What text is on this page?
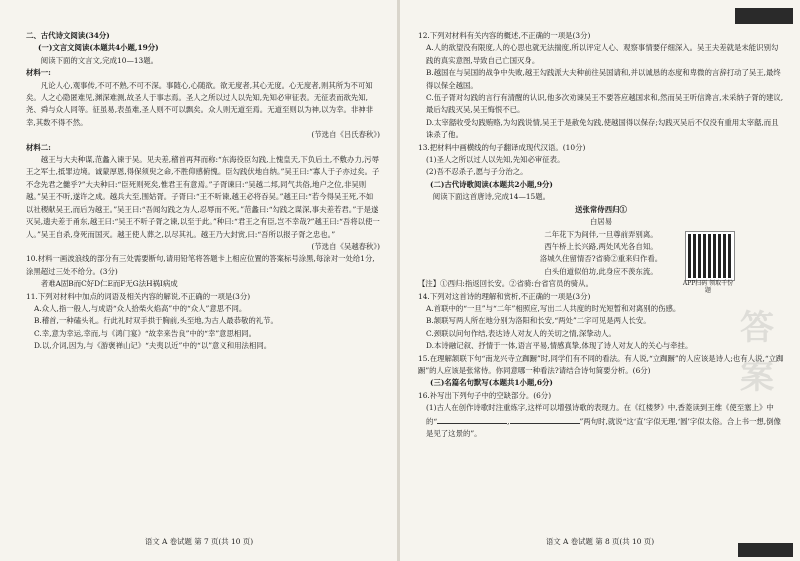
二、古代诗文阅读(34分)

(一)文言文阅读(本题共4小题,19分)

阅读下面的文言文,完成10—13题。

材料一:

凡论人心,观事传,不可不熟,不可不深。事随心,心随欲。欲无度者,其心无度。心无度者,则其所为不可知矣。人之心隐匿难见,渊深难测,故圣人于事志焉。圣人之所以过人以先知,先知必审征表。无征表而欲先知,尧、舜与众人同等。征虽易,表虽难,圣人则不可以飘矣。众人则无道至焉。无道至则以为神,以为幸。非神非幸,其数不得不然。

(节选自《吕氏春秋》)

材料二:

越王与大夫种谋,范蠡入谏于吴。见夫差,稽首再拜而称:“东海役臣勾践,上愧皇天,下负后土,不敷办力,污辱王之军士,抵罪边境。诚蒙厚恩,得保须臾之命,不胜仰感俯愧。臣勾践伏地自纳。”吴王曰:“寡人于子亦过矣。子不念先君之雠乎?”大夫种曰:“臣死则死矣,惟君王有意焉。”子胥谏曰:“吴越二邦,同气共俗,地户之位,非吴则越。”吴王不听,遂许之成。越兵大至,围姑胥。子胥曰:“王不听谏,越王必将吞吴。”越王曰:“若今得吴王死,不如以社稷献吴王,而后为越王。”吴王曰:“吾闻勾践之为人,忍辱而不死。”范蠡曰:“勾践之谋深,事夫差若君。”于是遂灭吴,遗夫差于甬东,越王曰:“吴王不听子胥之谏,以至于此。”种曰:“君王之有臣,岂不幸哉?”越王曰:“吾将以使一人。”吴王自杀,身死而国灭。越王使人葬之,以尽其礼。越王乃大封赏,曰:“吾所以报子胥之忠也。”

(节选自《吴越春秋》)

10.材料一画波浪线的部分有三处需要断句,请用铅笔将答题卡上相应位置的答案标号涂黑,每涂对一处给1分,涂黑超过三处不给分。(3分)

者难A固B而C好D仁E而F无G法H祸I病成

11.下列对材料中加点的词语及相关内容的解说,不正确的一项是(3分)

A.众人,指一般人,与成语“众人拾柴火焰高”中的“众人”意思不同。

B.稽首,一种磕头礼。行此礼时双手拱于胸前,头至地,为古人最恭敬的礼节。

C.幸,意为幸运,幸而,与《鸿门宴》“故幸来告良”中的“幸”意思相同。

D.以,介词,因为,与《游褒禅山记》“夫夷以近”中的“以”意义和用法相同。

语文 A 卷试题 第 7 页(共 10 页)

12.下列对材料有关内容的概述,不正确的一项是(3分)

A.人的欲望没有限度,人的心思也就无法揣度,所以评定人心、观察事情要仔细深入。吴王夫差就是未能识别勾践的真实意图,导致自己亡国灭身。

B.越国在与吴国的战争中失败,越王勾践派大夫种前往吴国请和,并以诚恳的态度和卑微的言辞打动了吴王,最终得以保全越国。

C.伍子胥对勾践的言行有清醒的认识,他多次劝谏吴王不要答应越国求和,然而吴王听信谗言,未采纳子胥的建议,最后勾践灭吴,吴王悔恨不已。

D.太宰嚭收受勾践贿赂,为勾践说情,吴王于是赦免勾践,使越国得以保存;勾践灭吴后不仅没有重用太宰嚭,而且诛杀了他。

13.把材料中画横线的句子翻译成现代汉语。(10分)

(1)圣人之所以过人以先知,先知必审征表。

(2)吾不忍杀子,愿与子分治之。

(二)古代诗歌阅读(本题共2小题,9分)

阅读下面这首唐诗,完成14—15题。

送张常侍西归①

白居易

二年花下为间伴,一旦尊前弄别离。

西午桥上长兴路,两处风光各自知。

洛城久住留情否?省骑②重来归作看。

白头伯道似伯坊,此身应不羡东流。

【注】①西归:指返回长安。②省骑:台省官员的骑从。

14.下列对这首诗的理解和赏析,不正确的一项是(3分)

A.首联中的“一旦”与“二年”相照应,写出二人共度的时光短暂和对离别的伤感。

B.颔联写两人所在地分别为洛阳和长安,“两处”二字可见是两人长安。

C.颈联以问句作结,表达诗人对友人的关切之情,深挚动人。

D.本诗融记叙、抒情于一体,语言平易,情感真挚,体现了诗人对友人的关心与牵挂。

15.在理解颔联下句“南龙兴寺立踟蹰”时,同学们有不同的看法。有人说,“立踟蹰”的人应该是诗人;也有人说,“立踟蹰”的人应该是张常侍。你同意哪一种看法?请结合诗句简要分析。(6分)

(三)名篇名句默写(本题共1小题,6分)

16.补写出下列句子中的空缺部分。(6分)

(1)古人在创作诗歌时注重炼字,这样可以增强诗歌的表现力。在《红楼梦》中,香菱读到王维《使至塞上》中的“	,	”两句时,就说“这‘直’字似无理,‘圆’字似太俗。合上书一想,倒像是见了这景的”。

APP扫码 领取千份题
答案
语文 A 卷试题 第 8 页(共 10 页)
